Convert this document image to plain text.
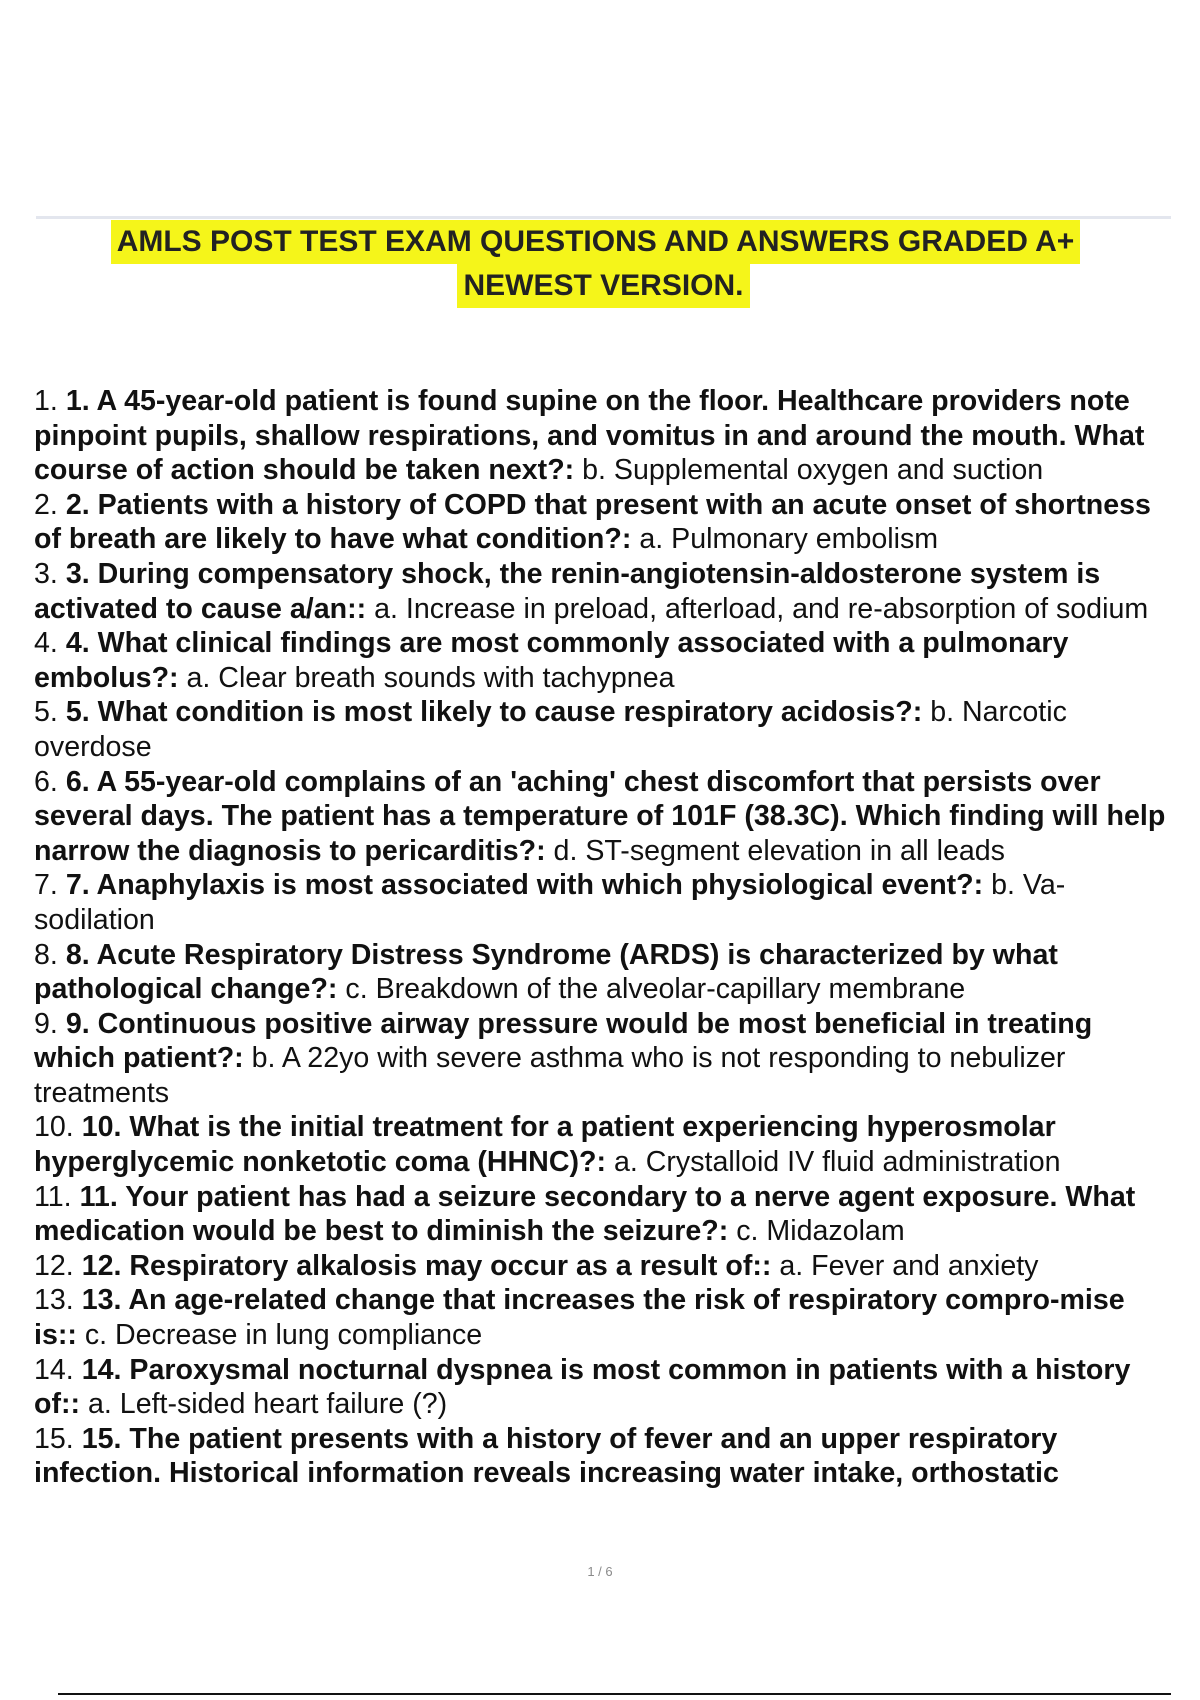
AMLS POST TEST EXAM QUESTIONS AND ANSWERS GRADED A+
NEWEST VERSION.
1. 1. A 45-year-old patient is found supine on the floor. Healthcare providers note pinpoint pupils, shallow respirations, and vomitus in and around the mouth. What course of action should be taken next?: b. Supplemental oxygen and suction
2. 2. Patients with a history of COPD that present with an acute onset of shortness of breath are likely to have what condition?: a. Pulmonary embolism
3. 3. During compensatory shock, the renin-angiotensin-aldosterone system is activated to cause a/an:: a. Increase in preload, afterload, and re-absorption of sodium
4. 4. What clinical findings are most commonly associated with a pulmonary embolus?: a. Clear breath sounds with tachypnea
5. 5. What condition is most likely to cause respiratory acidosis?: b. Narcotic overdose
6. 6. A 55-year-old complains of an 'aching' chest discomfort that persists over several days. The patient has a temperature of 101F (38.3C). Which finding will help narrow the diagnosis to pericarditis?: d. ST-segment elevation in all leads
7. 7. Anaphylaxis is most associated with which physiological event?: b. Va-sodilation
8. 8. Acute Respiratory Distress Syndrome (ARDS) is characterized by what pathological change?: c. Breakdown of the alveolar-capillary membrane
9. 9. Continuous positive airway pressure would be most beneficial in treating which patient?: b. A 22yo with severe asthma who is not responding to nebulizer treatments
10. 10. What is the initial treatment for a patient experiencing hyperosmolar hyperglycemic nonketotic coma (HHNC)?: a. Crystalloid IV fluid administration
11. 11. Your patient has had a seizure secondary to a nerve agent exposure. What medication would be best to diminish the seizure?: c. Midazolam
12. 12. Respiratory alkalosis may occur as a result of:: a. Fever and anxiety
13. 13. An age-related change that increases the risk of respiratory compro-mise is:: c. Decrease in lung compliance
14. 14. Paroxysmal nocturnal dyspnea is most common in patients with a history of:: a. Left-sided heart failure (?)
15. 15. The patient presents with a history of fever and an upper respiratory infection. Historical information reveals increasing water intake, orthostatic
1 / 6
